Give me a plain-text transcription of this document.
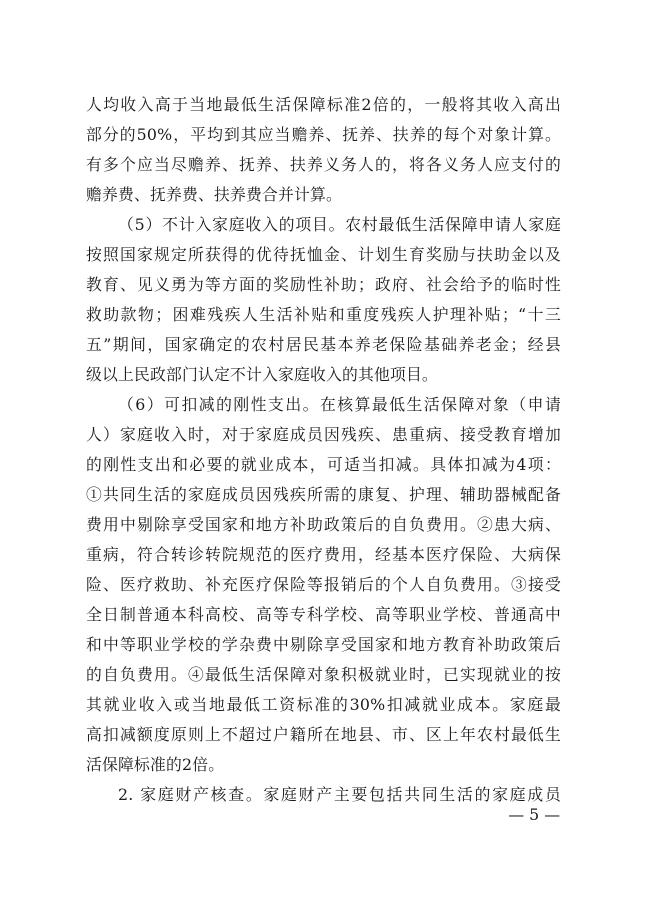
人均收入高于当地最低生活保障标准2倍的，一般将其收入高出
部分的50%，平均到其应当赡养、抚养、扶养的每个对象计算。
有多个应当尽赡养、抚养、扶养义务人的，将各义务人应支付的
赡养费、抚养费、扶养费合并计算。
（5）不计入家庭收入的项目。农村最低生活保障申请人家庭
按照国家规定所获得的优待抚恤金、计划生育奖励与扶助金以及
教育、见义勇为等方面的奖励性补助；政府、社会给予的临时性
救助款物；困难残疾人生活补贴和重度残疾人护理补贴；“十三
五”期间，国家确定的农村居民基本养老保险基础养老金；经县
级以上民政部门认定不计入家庭收入的其他项目。
（6）可扣减的刚性支出。在核算最低生活保障对象（申请
人）家庭收入时，对于家庭成员因残疾、患重病、接受教育增加
的刚性支出和必要的就业成本，可适当扣减。具体扣减为4项：
①共同生活的家庭成员因残疾所需的康复、护理、辅助器械配备
费用中剔除享受国家和地方补助政策后的自负费用。②患大病、
重病，符合转诊转院规范的医疗费用，经基本医疗保险、大病保
险、医疗救助、补充医疗保险等报销后的个人自负费用。③接受
全日制普通本科高校、高等专科学校、高等职业学校、普通高中
和中等职业学校的学杂费中剔除享受国家和地方教育补助政策后
的自负费用。④最低生活保障对象积极就业时，已实现就业的按
其就业收入或当地最低工资标准的30%扣减就业成本。家庭最
高扣减额度原则上不超过户籍所在地县、市、区上年农村最低生
活保障标准的2倍。
2. 家庭财产核查。家庭财产主要包括共同生活的家庭成员
— 5 —
